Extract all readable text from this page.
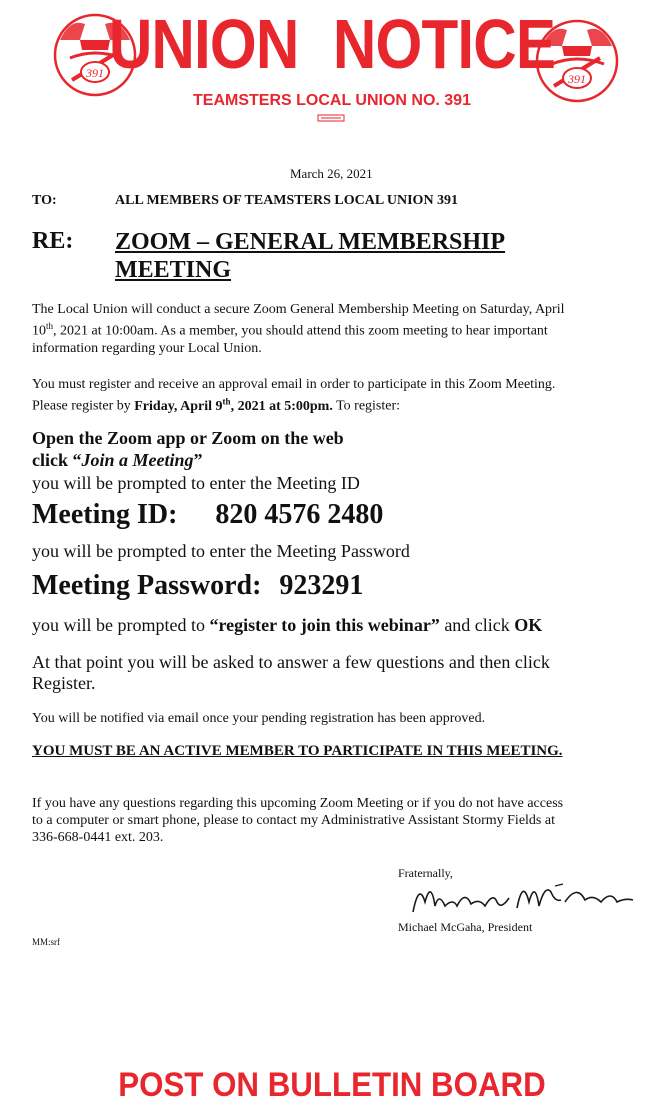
391	391
UNION NOTICE
TEAMSTERS LOCAL UNION NO. 391
March 26, 2021
TO:	ALL MEMBERS OF TEAMSTERS LOCAL UNION 391
RE: ZOOM – GENERAL MEMBERSHIP MEETING
The Local Union will conduct a secure Zoom General Membership Meeting on Saturday, April
10th, 2021 at 10:00am. As a member, you should attend this zoom meeting to hear important
information regarding your Local Union.
You must register and receive an approval email in order to participate in this Zoom Meeting.
Please register by Friday, April 9th, 2021 at 5:00pm. To register:
Open the Zoom app or Zoom on the web
click “Join a Meeting”
you will be prompted to enter the Meeting ID
Meeting ID: 820 4576 2480
you will be prompted to enter the Meeting Password
Meeting Password: 923291
you will be prompted to “register to join this webinar” and click OK
At that point you will be asked to answer a few questions and then click
Register.
You will be notified via email once your pending registration has been approved.
YOU MUST BE AN ACTIVE MEMBER TO PARTICIPATE IN THIS MEETING.
If you have any questions regarding this upcoming Zoom Meeting or if you do not have access
to a computer or smart phone, please to contact my Administrative Assistant Stormy Fields at
336-668-0441 ext. 203.
Fraternally,
Michael McGaha, President
MM:srf
POST ON BULLETIN BOARD
